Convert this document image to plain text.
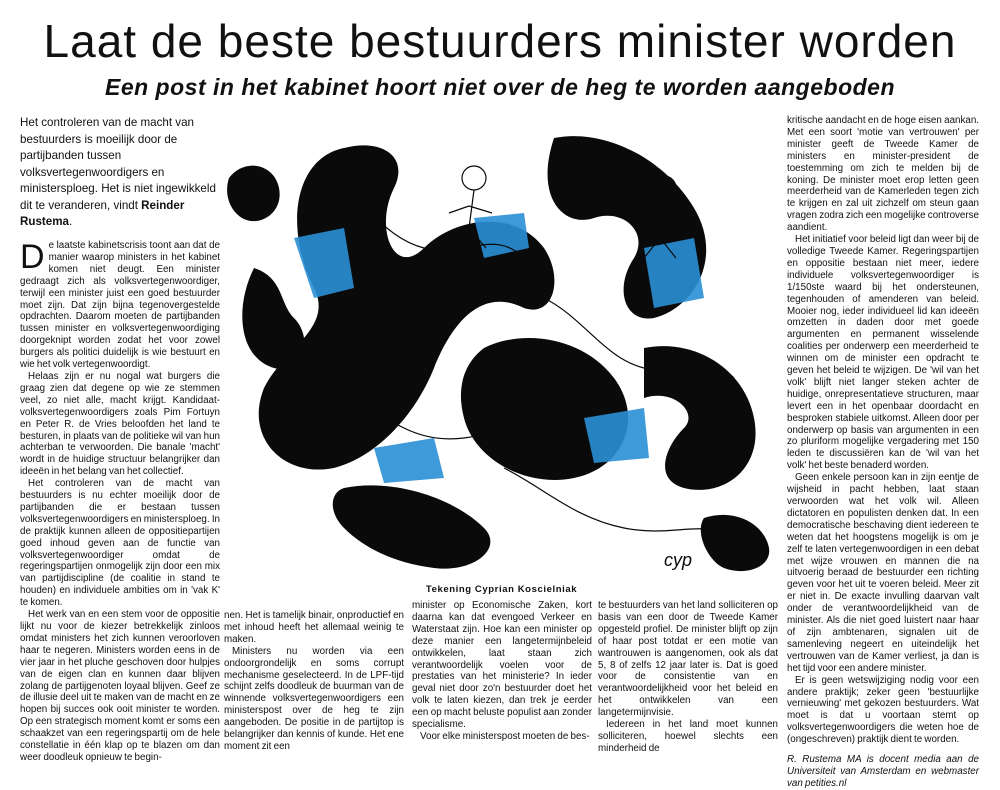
Laat de beste bestuurders minister worden
Een post in het kabinet hoort niet over de heg te worden aangeboden
Het controleren van de macht van bestuurders is moeilijk door de partijbanden tussen volksvertegenwoordigers en ministersploeg. Het is niet ingewikkeld dit te veranderen, vindt Reinder Rustema.

De laatste kabinetscrisis toont aan dat de manier waarop ministers in het kabinet komen niet deugt. Een minister gedraagt zich als volksvertegenwoordiger, terwijl een minister juist een goed bestuurder moet zijn. Dat zijn bijna tegenovergestelde opdrachten. Daarom moeten de partijbanden tussen minister en volksvertegenwoordiging doorgeknipt worden zodat het voor zowel burgers als politici duidelijk is wie bestuurt en wie het volk vertegenwoordigt.

Helaas zijn er nu nogal wat burgers die graag zien dat degene op wie ze stemmen veel, zo niet alle, macht krijgt. Kandidaat-volksvertegenwoordigers zoals Pim Fortuyn en Peter R. de Vries beloofden het land te besturen, in plaats van de politieke wil van hun achterban te verwoorden. Die banale 'macht' wordt in de huidige structuur belangrijker dan ideeën in het belang van het collectief.

Het controleren van de macht van bestuurders is nu echter moeilijk door de partijbanden die er bestaan tussen volksvertegenwoordigers en ministersploeg. In de praktijk kunnen alleen de oppositiepartijen goed inhoud geven aan de functie van volksvertegenwoordiger omdat de regeringspartijen onmogelijk zijn door een mix van partijdiscipline (de coalitie in stand te houden) en individuele ambities om in 'vak K' te komen.

Het werk van en een stem voor de oppositie lijkt nu voor de kiezer betrekkelijk zinloos omdat ministers het zich kunnen veroorloven haar te negeren. Ministers worden eens in de vier jaar in het pluche geschoven door hulpjes van de eigen clan en kunnen daar blijven zolang de partijgenoten loyaal blijven. Geef ze de illusie deel uit te maken van de macht en ze hopen bij succes ook ooit minister te worden. Op een strategisch moment komt er soms een schaakzet van een regeringspartij om de hele constellatie in één klap op te blazen om dan weer doodleuk opnieuw te begin-

cyp
Tekening Cyprian Koscielniak

nen. Het is tamelijk binair, onproductief en met inhoud heeft het allemaal weinig te maken.

Ministers nu worden via een ondoorgrondelijk en soms corrupt mechanisme geselecteerd. In de LPF-tijd schijnt zelfs doodleuk de buurman van de winnende volksvertegenwoordigers een ministerspost over de heg te zijn aangeboden. De positie in de partijtop is belangrijker dan kennis of kunde. Het ene moment zit een

minister op Economische Zaken, kort daarna kan dat evengoed Verkeer en Waterstaat zijn. Hoe kan een minister op deze manier een langetermijnbeleid ontwikkelen, laat staan zich verantwoordelijk voelen voor de prestaties van het ministerie? In ieder geval niet door zo'n bestuurder doet het volk te laten kiezen, dan trek je eerder een op macht beluste populist aan zonder specialisme.

Voor elke ministerspost moeten de bes-

te bestuurders van het land solliciteren op basis van een door de Tweede Kamer opgesteld profiel. De minister blijft op zijn of haar post totdat er een motie van wantrouwen is aangenomen, ook als dat 5, 8 of zelfs 12 jaar later is. Dat is goed voor de consistentie van en verantwoordelijkheid voor het beleid en het ontwikkelen van een langetermijnvisie.

Iedereen in het land moet kunnen solliciteren, hoewel slechts een minderheid de

kritische aandacht en de hoge eisen aankan. Met een soort 'motie van vertrouwen' per minister geeft de Tweede Kamer de ministers en minister-president de toestemming om zich te melden bij de koning. De minister moet erop letten geen meerderheid van de Kamerleden tegen zich te krijgen en zal uit zichzelf om steun gaan vragen zodra zich een mogelijke controverse aandient.

Het initiatief voor beleid ligt dan weer bij de volledige Tweede Kamer. Regeringspartijen en oppositie bestaan niet meer, iedere individuele volksvertegenwoordiger is 1/150ste waard bij het ondersteunen, tegenhouden of amenderen van beleid. Mooier nog, ieder individueel lid kan ideeën omzetten in daden door met goede argumenten en permanent wisselende coalities per onderwerp een meerderheid te winnen om de minister een opdracht te geven het beleid te wijzigen. De 'wil van het volk' blijft niet langer steken achter de huidige, onrepresentatieve structuren, maar levert een in het openbaar doordacht en besproken stabiele uitkomst. Alleen door per onderwerp op basis van argumenten in een zo pluriform mogelijke vergadering met 150 leden te discussiëren kan de 'wil van het volk' het beste benaderd worden.

Geen enkele persoon kan in zijn eentje de wijsheid in pacht hebben, laat staan verwoorden wat het volk wil. Alleen dictatoren en populisten denken dat. In een democratische beschaving dient iedereen te weten dat het hoogstens mogelijk is om je zelf te laten vertegenwoordigen in een debat met wijze vrouwen en mannen die na uitvoerig beraad de bestuurder een richting geven voor het uit te voeren beleid. Meer zit er niet in. De exacte invulling daarvan valt onder de verantwoordelijkheid van de minister. Als die niet goed luistert naar haar of zijn ambtenaren, signalen uit de samenleving negeert en uiteindelijk het vertrouwen van de Kamer verliest, ja dan is het tijd voor een andere minister.

Er is geen wetswijziging nodig voor een andere praktijk; zeker geen 'bestuurlijke vernieuwing' met gekozen bestuurders. Wat moet is dat u voortaan stemt op volksvertegenwoordigers die weten hoe de (ongeschreven) praktijk dient te worden.

R. Rustema MA is docent media aan de Universiteit van Amsterdam en webmaster van petities.nl
